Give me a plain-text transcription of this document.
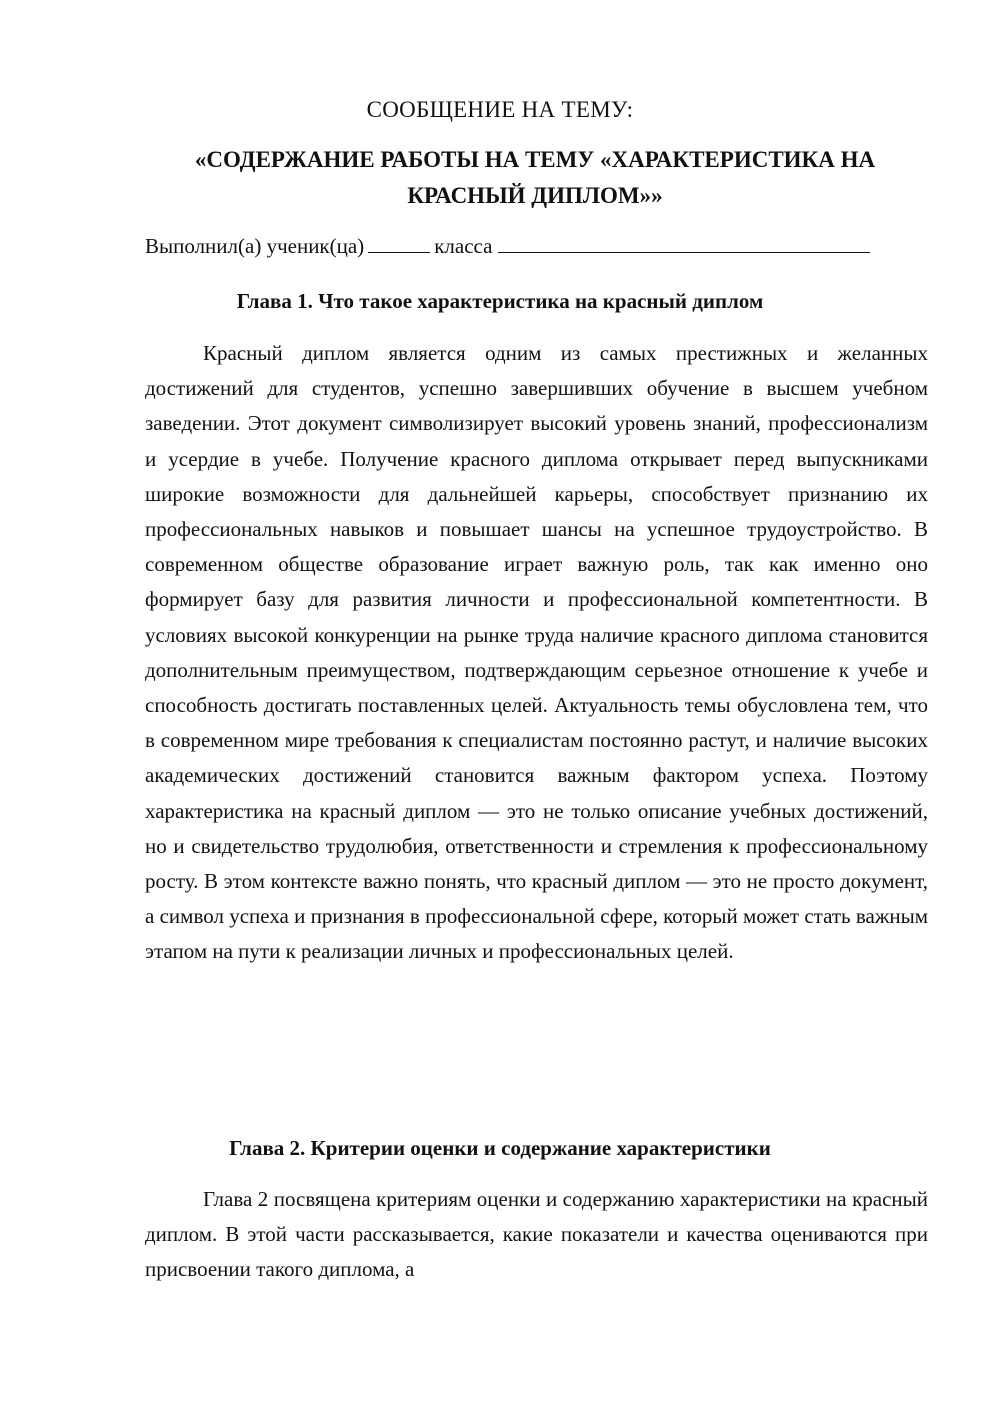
СООБЩЕНИЕ НА ТЕМУ:

«СОДЕРЖАНИЕ РАБОТЫ НА ТЕМУ «ХАРАКТЕРИСТИКА НА КРАСНЫЙ ДИПЛОМ»»

Выполнил(а) ученик(ца)	класса

Глава 1. Что такое характеристика на красный диплом

Красный диплом является одним из самых престижных и желанных достижений для студентов, успешно завершивших обучение в высшем учебном заведении. Этот документ символизирует высокий уровень знаний, профессионализм и усердие в учебе. Получение красного диплома открывает перед выпускниками широкие возможности для дальнейшей карьеры, способствует признанию их профессиональных навыков и повышает шансы на успешное трудоустройство. В современном обществе образование играет важную роль, так как именно оно формирует базу для развития личности и профессиональной компетентности. В условиях высокой конкуренции на рынке труда наличие красного диплома становится дополнительным преимуществом, подтверждающим серьезное отношение к учебе и способность достигать поставленных целей. Актуальность темы обусловлена тем, что в современном мире требования к специалистам постоянно растут, и наличие высоких академических достижений становится важным фактором успеха. Поэтому характеристика на красный диплом — это не только описание учебных достижений, но и свидетельство трудолюбия, ответственности и стремления к профессиональному росту. В этом контексте важно понять, что красный диплом — это не просто документ, а символ успеха и признания в профессиональной сфере, который может стать важным этапом на пути к реализации личных и профессиональных целей.

Глава 2. Критерии оценки и содержание характеристики

Глава 2 посвящена критериям оценки и содержанию характеристики на красный диплом. В этой части рассказывается, какие показатели и качества оцениваются при присвоении такого диплома, а
